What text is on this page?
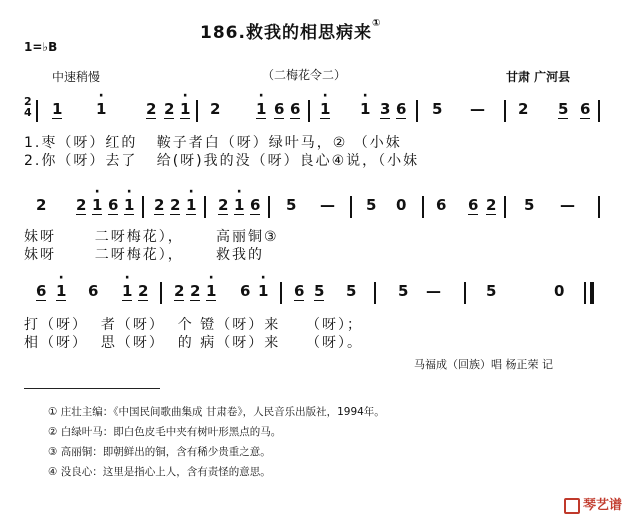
186.救我的相思病来①
1=♭B
中速稍慢	（二梅花令二）	甘肃 广河县
2
4 1 1 ·	2 2 1 · 2 1 · 6 6 1 · 1 · 3 6 5 — 2 5 6
1.枣（呀）红的   鞍子者白（呀）绿叶马，② （小妹
2.你（呀）去了   给(呀)我的没（呀）良心④说，（小妹
2 2 1 · 6 1 · 2 2 1 · 2 1 · 6 5 — 5 0 6 6 2 5 —
妹呀      二呀梅花），     高丽铜③
妹呀      二呀梅花），     救我的
6 1 · 6 1 · 2 2 2 1 · 6 1 · 6 5 5	5 —	5	0
打（呀）  者（呀）  个 镫（呀）来    （呀）；
相（呀）  思（呀）  的 病（呀）来    （呀）。
马福成（回族）唱 杨正荣 记
① 庄壮主编：《中国民间歌曲集成 甘肃卷》，人民音乐出版社，1994年。
② 白绿叶马：即白色皮毛中夹有树叶形黑点的马。
③ 高丽铜：即朝鲜出的铜，含有稀少贵重之意。
④ 没良心：这里是指心上人，含有责怪的意思。
琴艺谱
